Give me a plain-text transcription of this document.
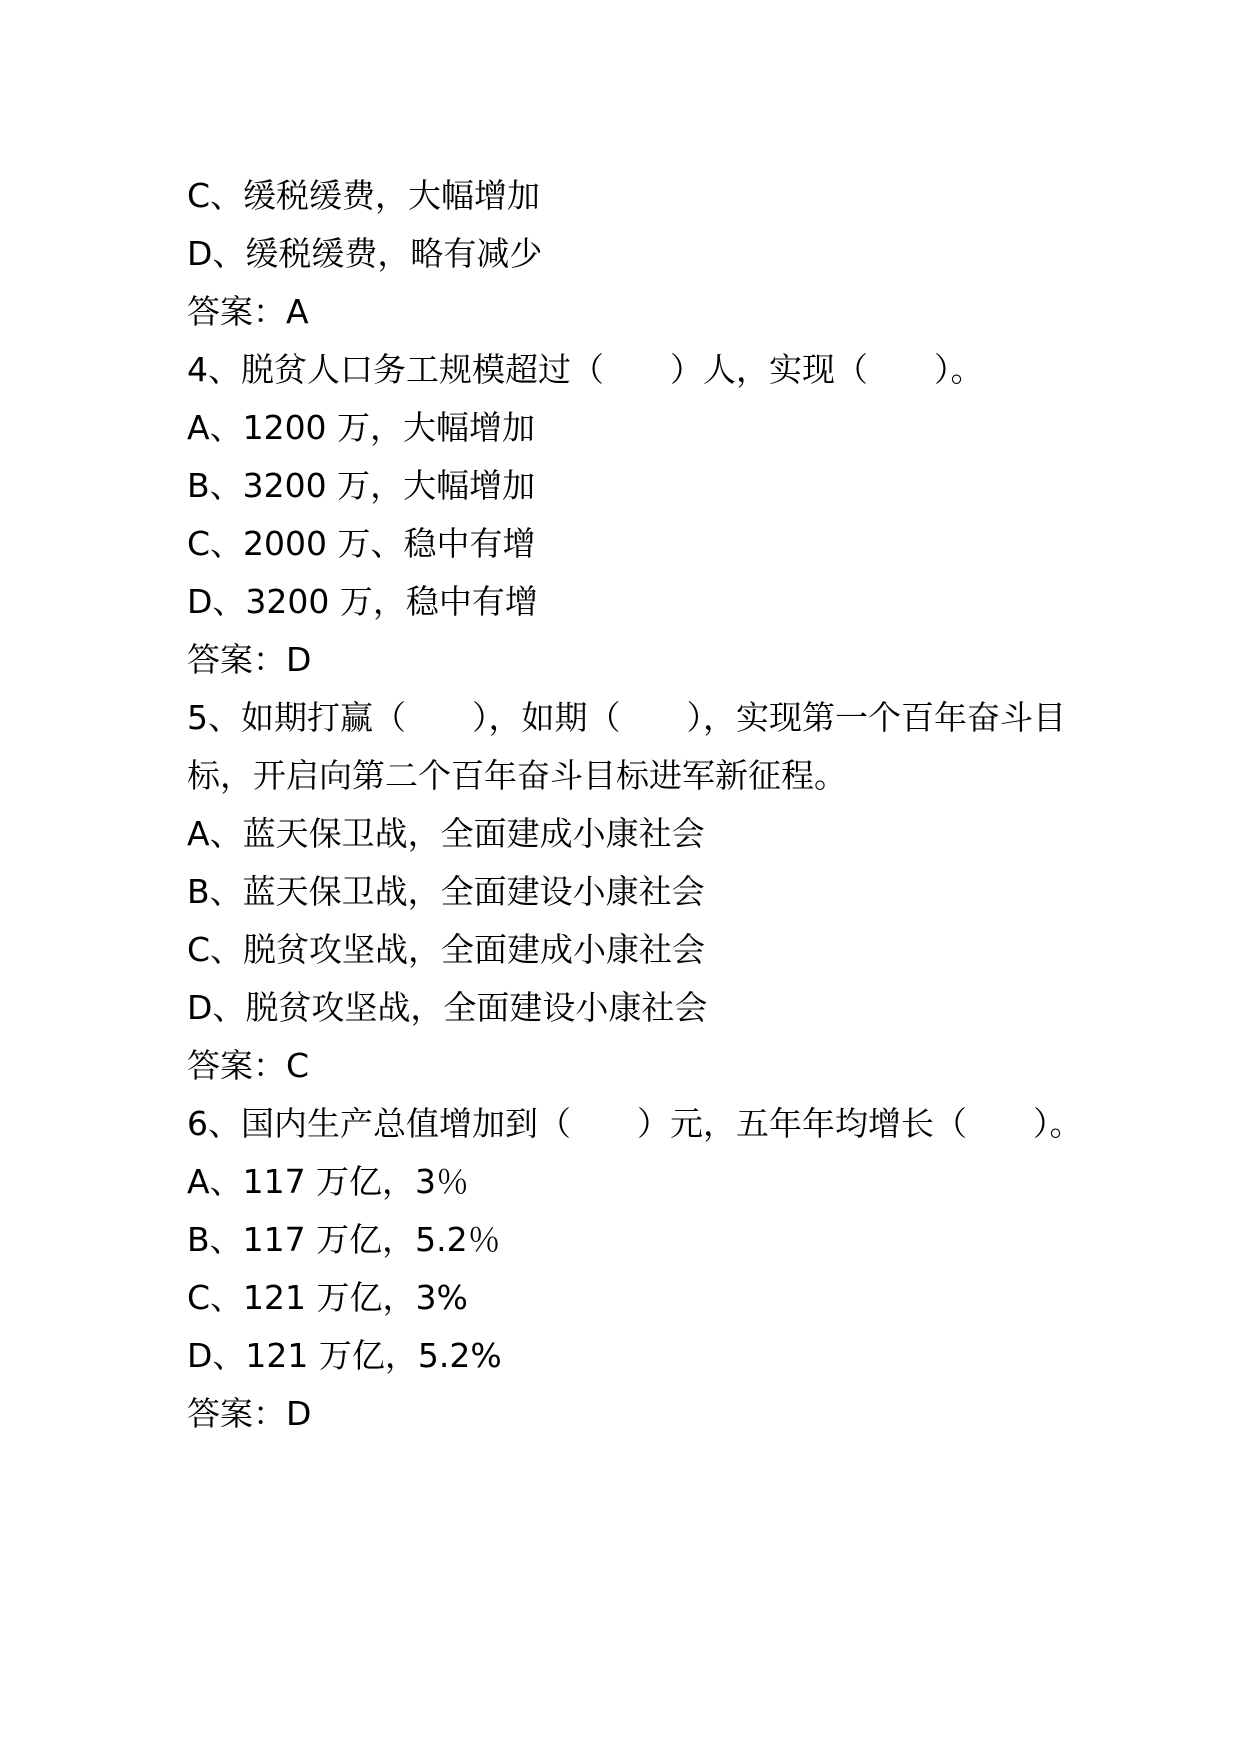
C、缓税缓费，大幅增加
D、缓税缓费，略有减少
答案：A
4、脱贫人口务工规模超过（　　）人，实现（　　）。
A、1200 万，大幅增加
B、3200 万，大幅增加
C、2000 万、稳中有增
D、3200 万，稳中有增
答案：D
5、如期打赢（　　），如期（　　），实现第一个百年奋斗目
标，开启向第二个百年奋斗目标进军新征程。
A、蓝天保卫战，全面建成小康社会
B、蓝天保卫战，全面建设小康社会
C、脱贫攻坚战，全面建成小康社会
D、脱贫攻坚战，全面建设小康社会
答案：C
6、国内生产总值增加到（　　）元，五年年均增长（　　）。
A、117 万亿，3％
B、117 万亿，5.2％
C、121 万亿，3%
D、121 万亿，5.2%
答案：D
